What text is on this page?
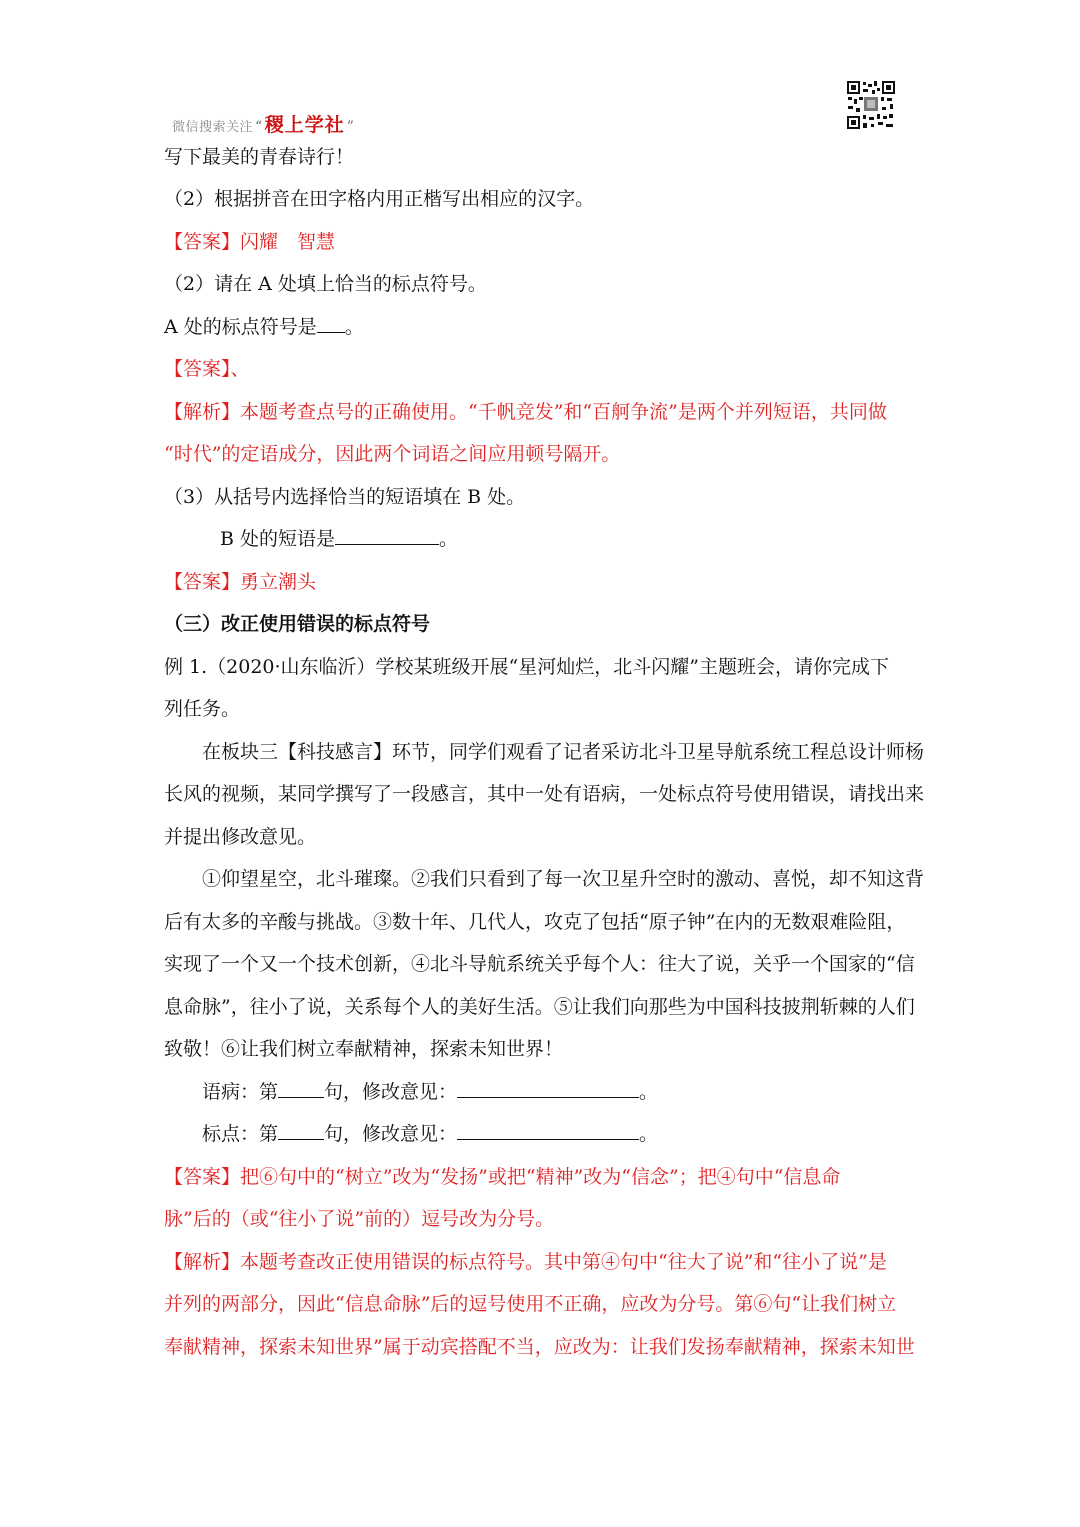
微信搜索关注 “ 稷上学社 ”
写下最美的青春诗行！
（2）根据拼音在田字格内用正楷写出相应的汉字。
【答案】闪耀　智慧
（2）请在 A 处填上恰当的标点符号。
A 处的标点符号是 。
【答案】、
【解析】本题考查点号的正确使用。“千帆竞发”和“百舸争流”是两个并列短语，共同做
“时代”的定语成分，因此两个词语之间应用顿号隔开。
（3）从括号内选择恰当的短语填在 B 处。
B 处的短语是	。
【答案】勇立潮头
（三）改正使用错误的标点符号
例 1.（2020·山东临沂）学校某班级开展“星河灿烂，北斗闪耀”主题班会，请你完成下
列任务。
在板块三【科技感言】环节，同学们观看了记者采访北斗卫星导航系统工程总设计师杨
长风的视频，某同学撰写了一段感言，其中一处有语病，一处标点符号使用错误，请找出来
并提出修改意见。
①仰望星空，北斗璀璨。②我们只看到了每一次卫星升空时的激动、喜悦，却不知这背
后有太多的辛酸与挑战。③数十年、几代人，攻克了包括“原子钟”在内的无数艰难险阻，
实现了一个又一个技术创新，④北斗导航系统关乎每个人：往大了说，关乎一个国家的“信
息命脉”，往小了说，关系每个人的美好生活。⑤让我们向那些为中国科技披荆斩棘的人们
致敬！⑥让我们树立奉献精神，探索未知世界！
语病：第 句，修改意见：	。
标点：第 句，修改意见：	。
【答案】把⑥句中的“树立”改为“发扬”或把“精神”改为“信念”；把④句中“信息命
脉”后的（或“往小了说”前的）逗号改为分号。
【解析】本题考查改正使用错误的标点符号。其中第④句中“往大了说”和“往小了说”是
并列的两部分，因此“信息命脉”后的逗号使用不正确，应改为分号。第⑥句“让我们树立
奉献精神，探索未知世界”属于动宾搭配不当，应改为：让我们发扬奉献精神，探索未知世
